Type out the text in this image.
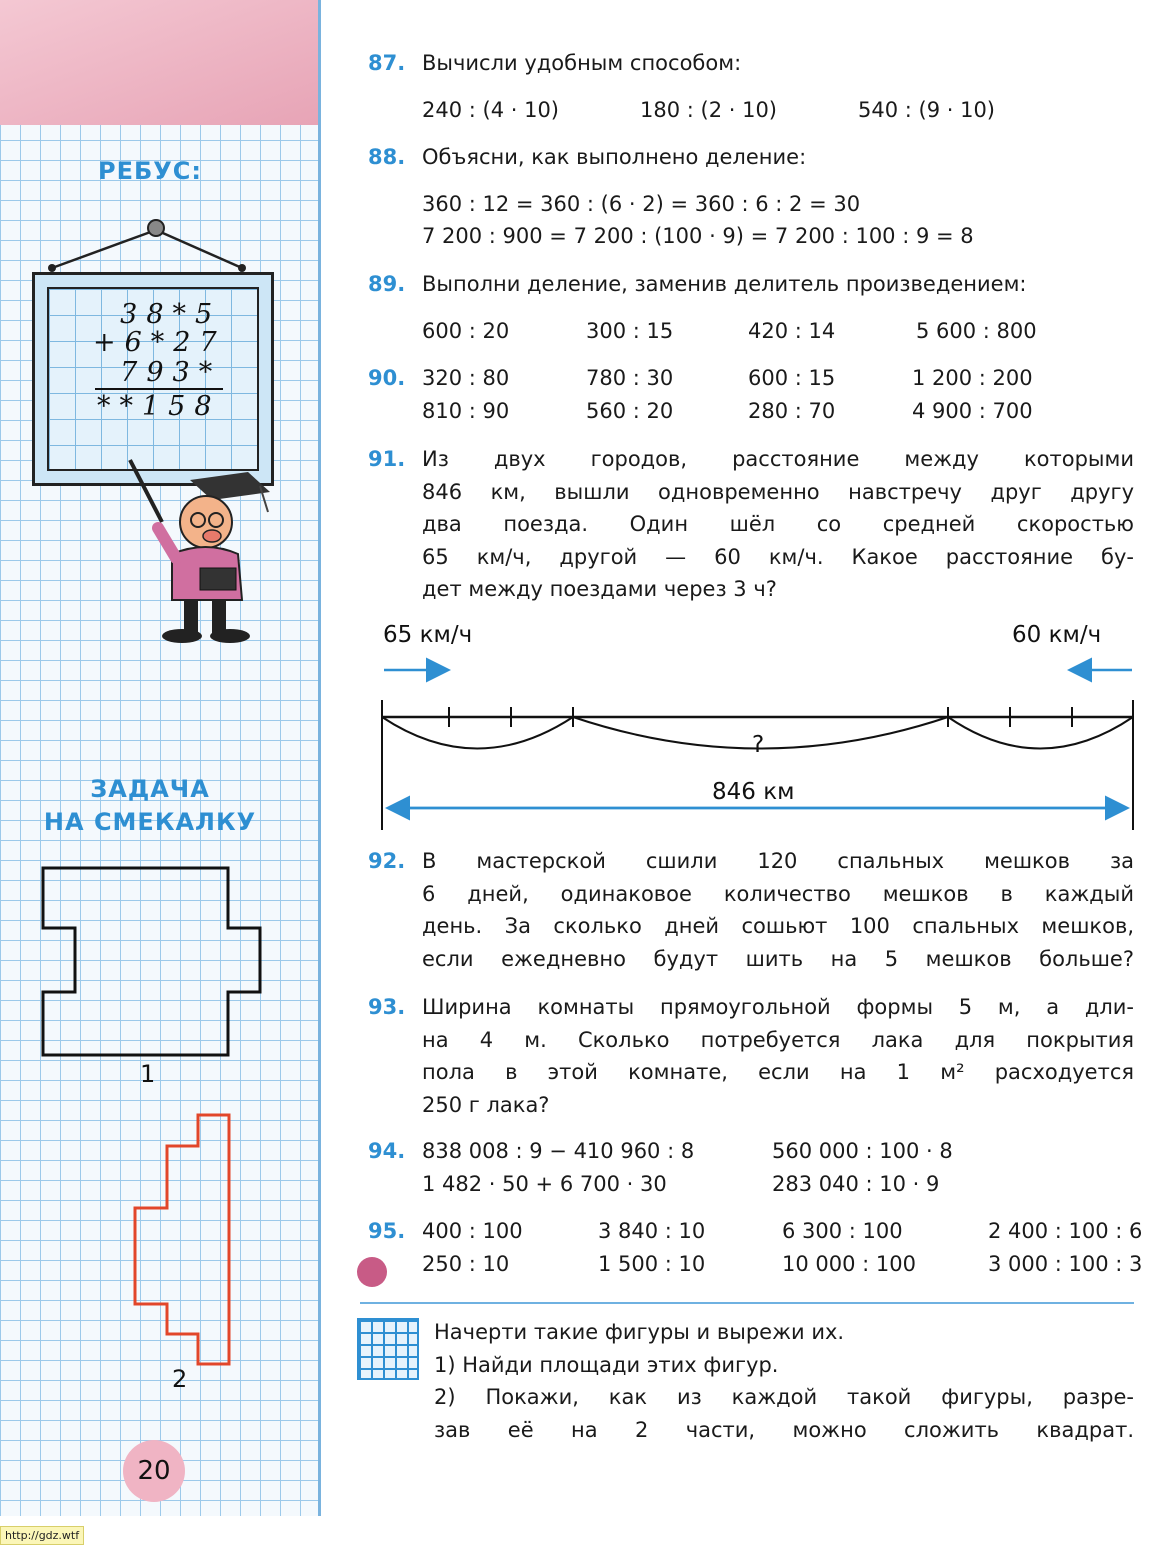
РЕБУС:
38*5
+6*27
793*
**158
ЗАДАЧА
НА СМЕКАЛКУ
1
2
20
http://gdz.wtf
87. Вычисли удобным способом:
240 : (4 · 10)	180 : (2 · 10)	540 : (9 · 10)
88. Объясни, как выполнено деление:
360 : 12 = 360 : (6 · 2) = 360 : 6 : 2 = 30
7 200 : 900 = 7 200 : (100 · 9) = 7 200 : 100 : 9 = 8
89. Выполни деление, заменив делитель произведением:
600 : 20	300 : 15	420 : 14	5 600 : 800
90. 320 : 80	780 : 30	600 : 15	1 200 : 200
810 : 90	560 : 20	280 : 70	4 900 : 700
91. Из двух городов, расстояние между которыми

846 км, вышли одновременно навстречу друг другу

два поезда. Один шёл со средней скоростью

65 км/ч, другой — 60 км/ч. Какое расстояние бу-

дет между поездами через 3 ч?

65 км/ч	60 км/ч
?
846 км
92. В мастерской сшили 120 спальных мешков за

6 дней, одинаковое количество мешков в каждый

день. За сколько дней сошьют 100 спальных мешков,

если ежедневно будут шить на 5 мешков больше?

93. Ширина комнаты прямоугольной формы 5 м, а дли-

на 4 м. Сколько потребуется лака для покрытия

пола в этой комнате, если на 1 м² расходуется

250 г лака?

94. 838 008 : 9 − 410 960 : 8	560 000 : 100 · 8
1 482 · 50 + 6 700 · 30	283 040 : 10 · 9
95. 400 : 100	3 840 : 10	6 300 : 100	2 400 : 100 : 6
250 : 10	1 500 : 10	10 000 : 100	3 000 : 100 : 3

Начерти такие фигуры и вырежи их.

1) Найди площади этих фигур.

2) Покажи, как из каждой такой фигуры, разре-

зав её на 2 части, можно сложить квадрат.
